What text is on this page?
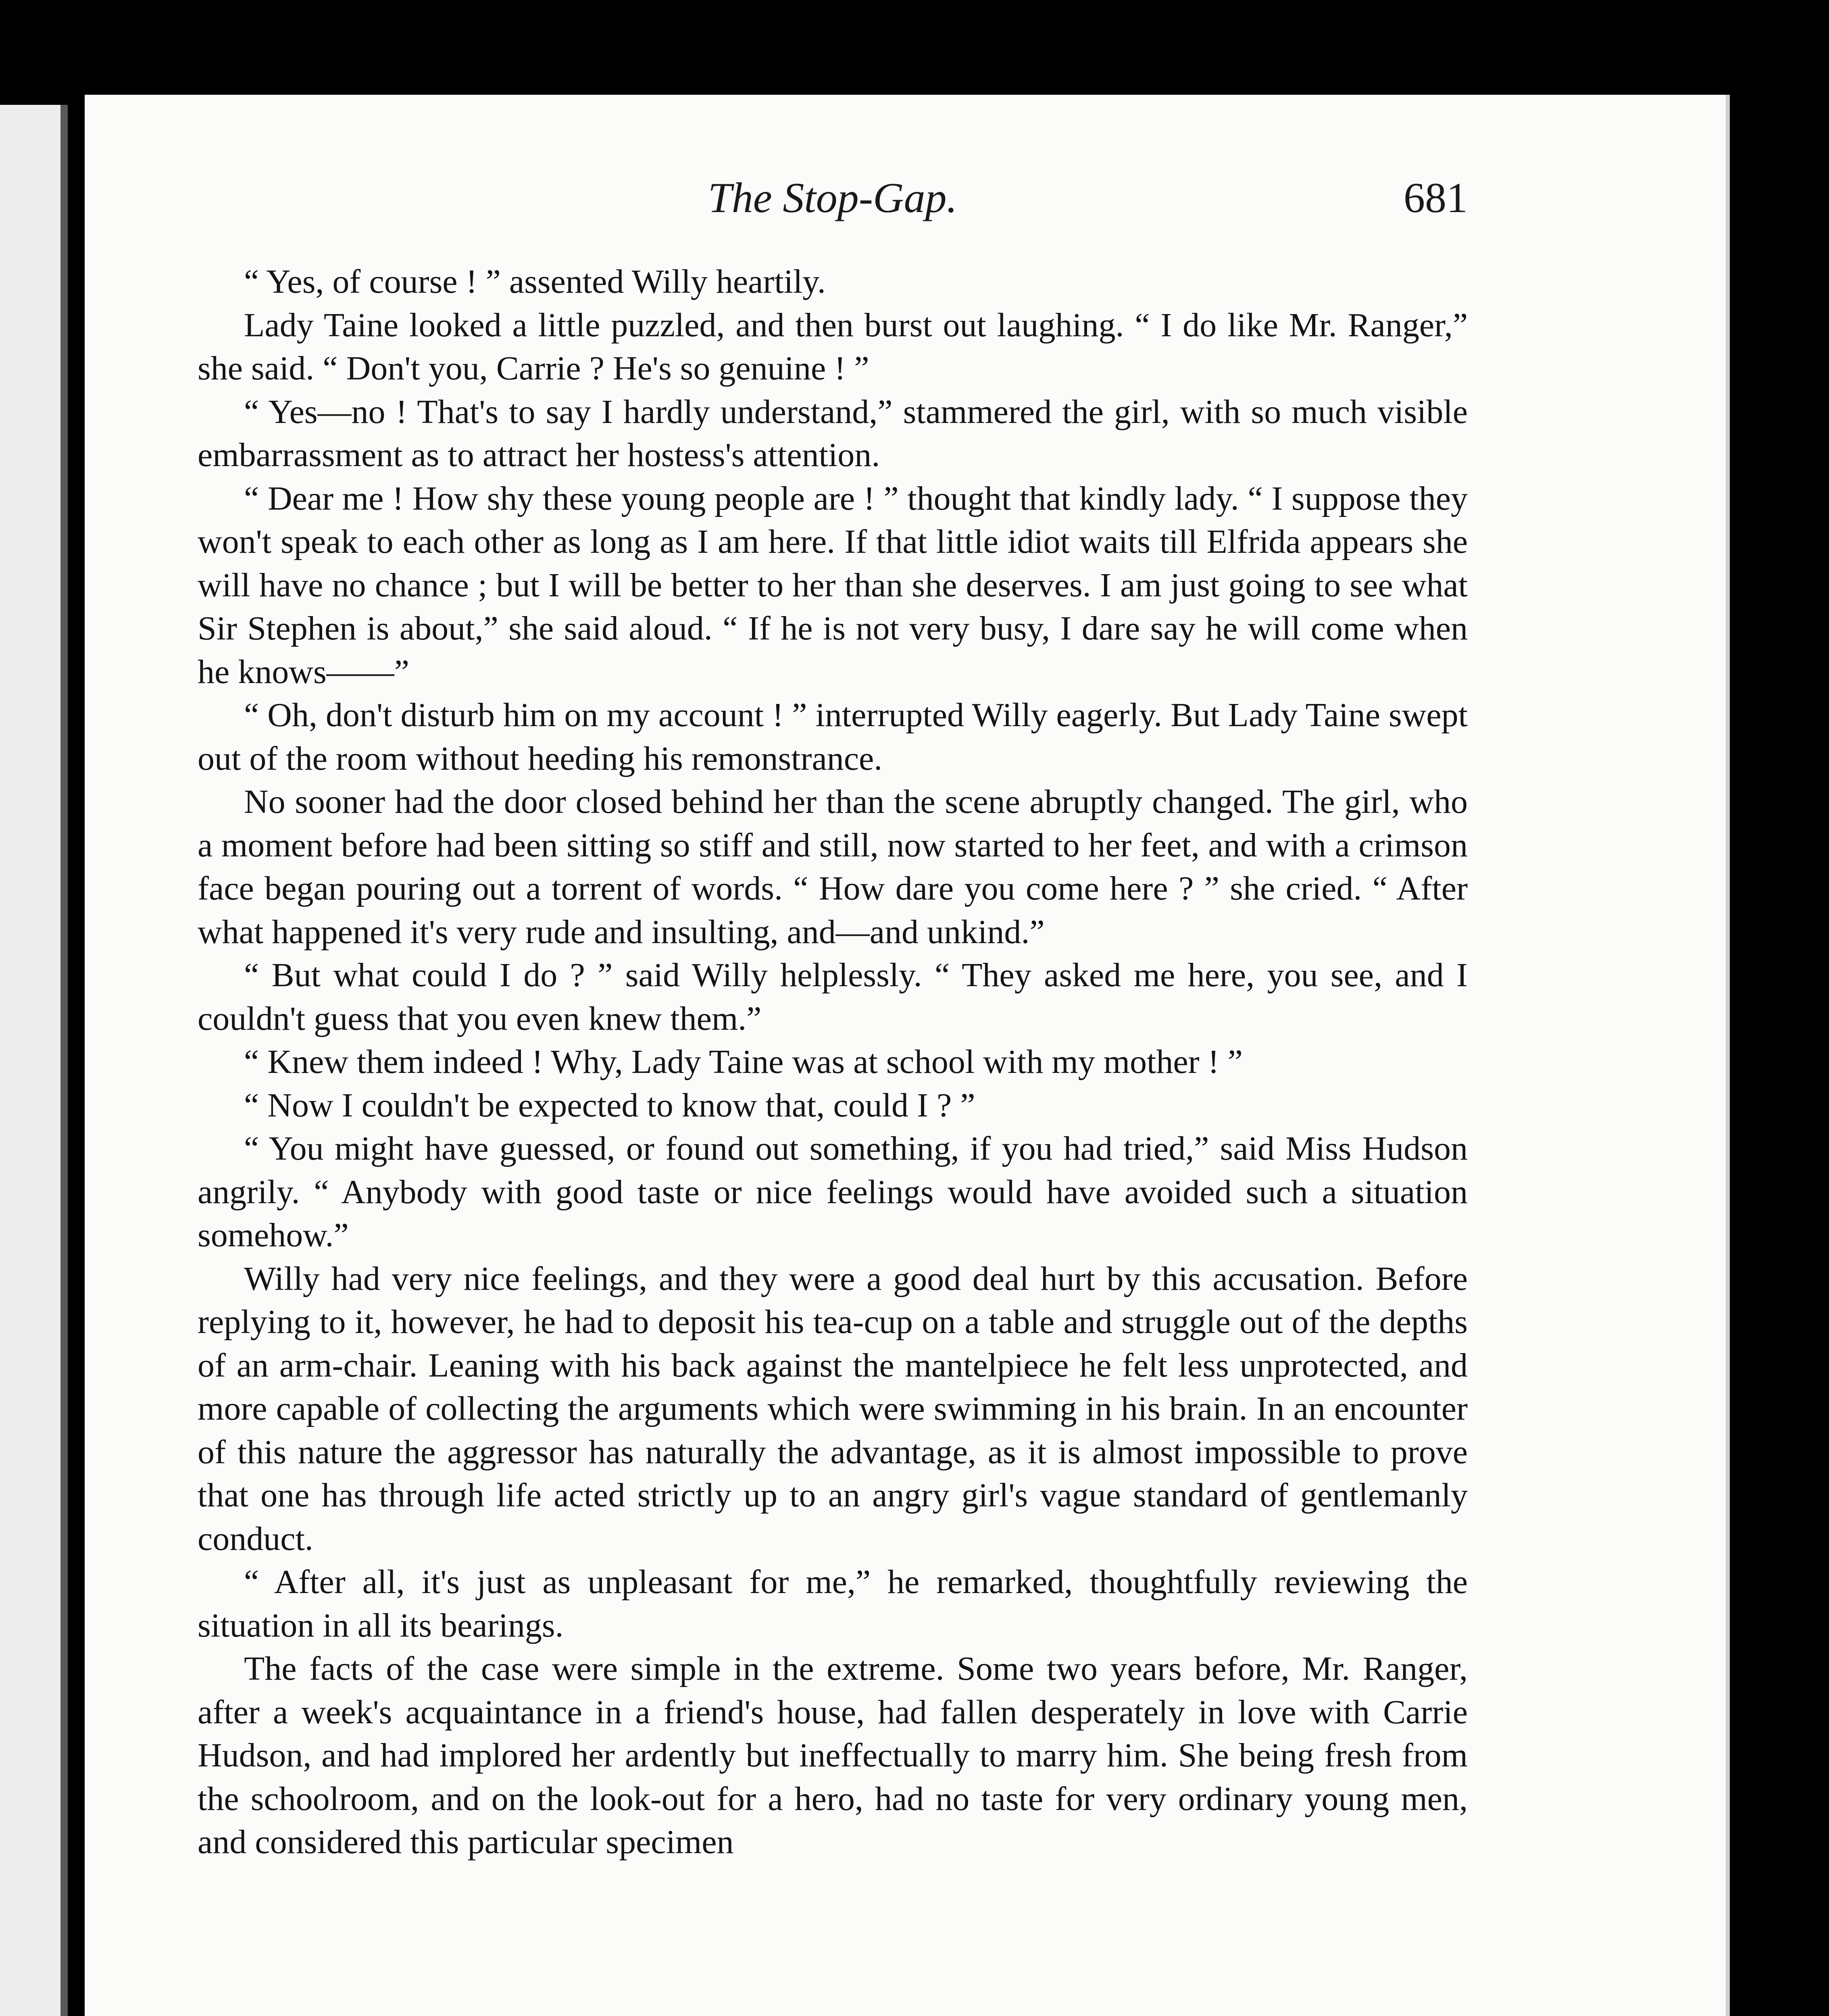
The Stop-Gap.	681

“ Yes, of course ! ” assented Willy heartily.

Lady Taine looked a little puzzled, and then burst out laughing. “ I do like Mr. Ranger,” she said. “ Don't you, Carrie ? He's so genuine ! ”

“ Yes—no ! That's to say I hardly understand,” stammered the girl, with so much visible embarrassment as to attract her hostess's attention.

“ Dear me ! How shy these young people are ! ” thought that kindly lady. “ I suppose they won't speak to each other as long as I am here. If that little idiot waits till Elfrida appears she will have no chance ; but I will be better to her than she deserves. I am just going to see what Sir Stephen is about,” she said aloud. “ If he is not very busy, I dare say he will come when he knows——”

“ Oh, don't disturb him on my account ! ” interrupted Willy eagerly. But Lady Taine swept out of the room without heeding his remonstrance.

No sooner had the door closed behind her than the scene abruptly changed. The girl, who a moment before had been sitting so stiff and still, now started to her feet, and with a crimson face began pouring out a torrent of words. “ How dare you come here ? ” she cried. “ After what happened it's very rude and insulting, and—and unkind.”

“ But what could I do ? ” said Willy helplessly. “ They asked me here, you see, and I couldn't guess that you even knew them.”

“ Knew them indeed ! Why, Lady Taine was at school with my mother ! ”

“ Now I couldn't be expected to know that, could I ? ”

“ You might have guessed, or found out something, if you had tried,” said Miss Hudson angrily. “ Anybody with good taste or nice feelings would have avoided such a situation somehow.”

Willy had very nice feelings, and they were a good deal hurt by this accusation. Before replying to it, however, he had to deposit his tea-cup on a table and struggle out of the depths of an arm-chair. Leaning with his back against the mantelpiece he felt less unprotected, and more capable of collecting the arguments which were swimming in his brain. In an encounter of this nature the aggressor has naturally the advantage, as it is almost impossible to prove that one has through life acted strictly up to an angry girl's vague standard of gentlemanly conduct.

“ After all, it's just as unpleasant for me,” he remarked, thoughtfully reviewing the situation in all its bearings.

The facts of the case were simple in the extreme. Some two years before, Mr. Ranger, after a week's acquaintance in a friend's house, had fallen desperately in love with Carrie Hudson, and had implored her ardently but ineffectually to marry him. She being fresh from the schoolroom, and on the look-out for a hero, had no taste for very ordinary young men, and considered this particular specimen
